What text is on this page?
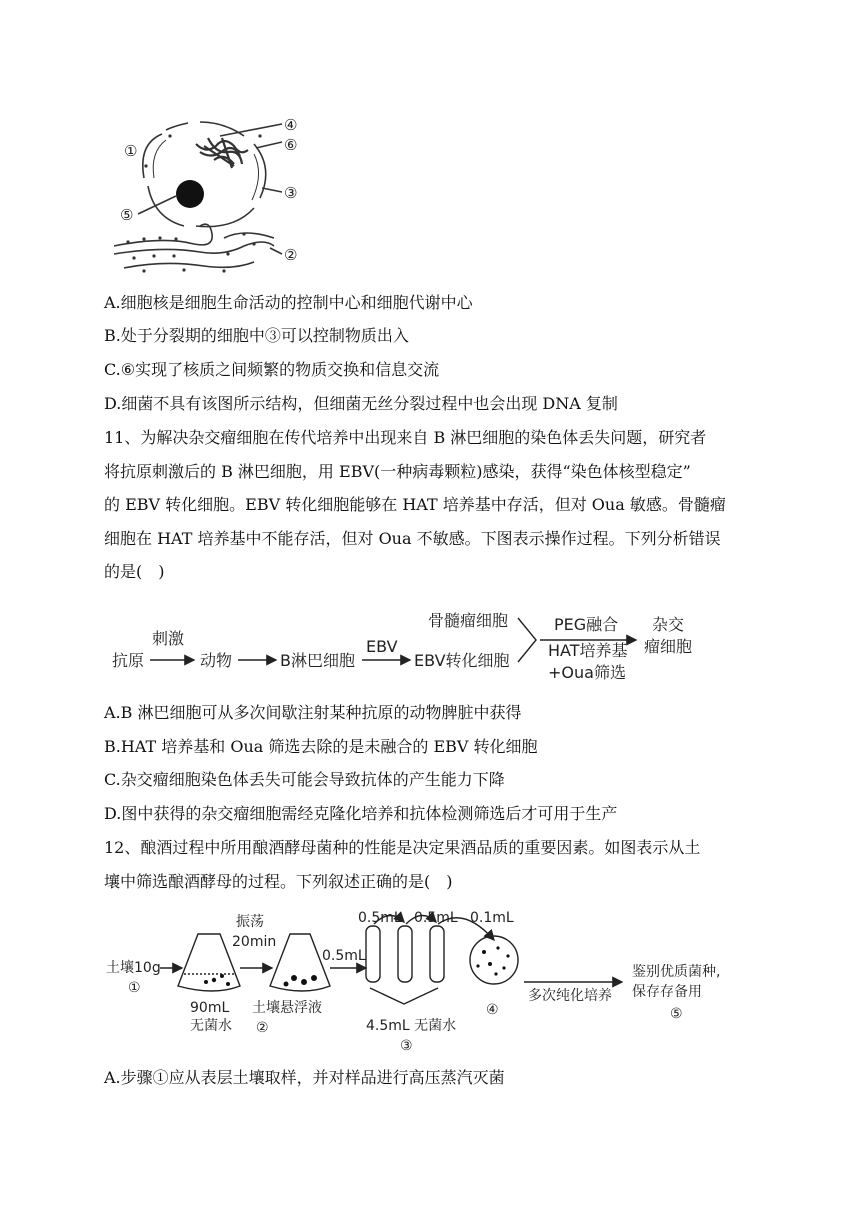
①
④
⑥
③
⑤
②
A.细胞核是细胞生命活动的控制中心和细胞代谢中心
B.处于分裂期的细胞中③可以控制物质出入
C.⑥实现了核质之间频繁的物质交换和信息交流
D.细菌不具有该图所示结构，但细菌无丝分裂过程中也会出现 DNA 复制
11、为解决杂交瘤细胞在传代培养中出现来自 B 淋巴细胞的染色体丢失问题，研究者
将抗原刺激后的 B 淋巴细胞，用 EBV(一种病毒颗粒)感染，获得“染色体核型稳定”
的 EBV 转化细胞。EBV 转化细胞能够在 HAT 培养基中存活，但对 Oua 敏感。骨髓瘤
细胞在 HAT 培养基中不能存活，但对 Oua 不敏感。下图表示操作过程。下列分析错误
的是(　)
抗原
刺激
动物	B淋巴细胞
EBV
EBV转化细胞
骨髓瘤细胞	PEG融合
HAT培养基
+Oua筛选
杂交
瘤细胞
A.B 淋巴细胞可从多次间歇注射某种抗原的动物脾脏中获得
B.HAT 培养基和 Oua 筛选去除的是未融合的 EBV 转化细胞
C.杂交瘤细胞染色体丢失可能会导致抗体的产生能力下降
D.图中获得的杂交瘤细胞需经克隆化培养和抗体检测筛选后才可用于生产
12、酿酒过程中所用酿酒酵母菌种的性能是决定果酒品质的重要因素。如图表示从土
壤中筛选酿酒酵母的过程。下列叙述正确的是(　)
土壤10g
①
90mL
无菌水
振荡
20min
0.5mL
土壤悬浮液
②
0.5mL 0.5mL 0.1mL
4.5mL 无菌水
③
④
多次纯化培养
鉴别优质菌种,
保存存备用
⑤
A.步骤①应从表层土壤取样，并对样品进行高压蒸汽灭菌
